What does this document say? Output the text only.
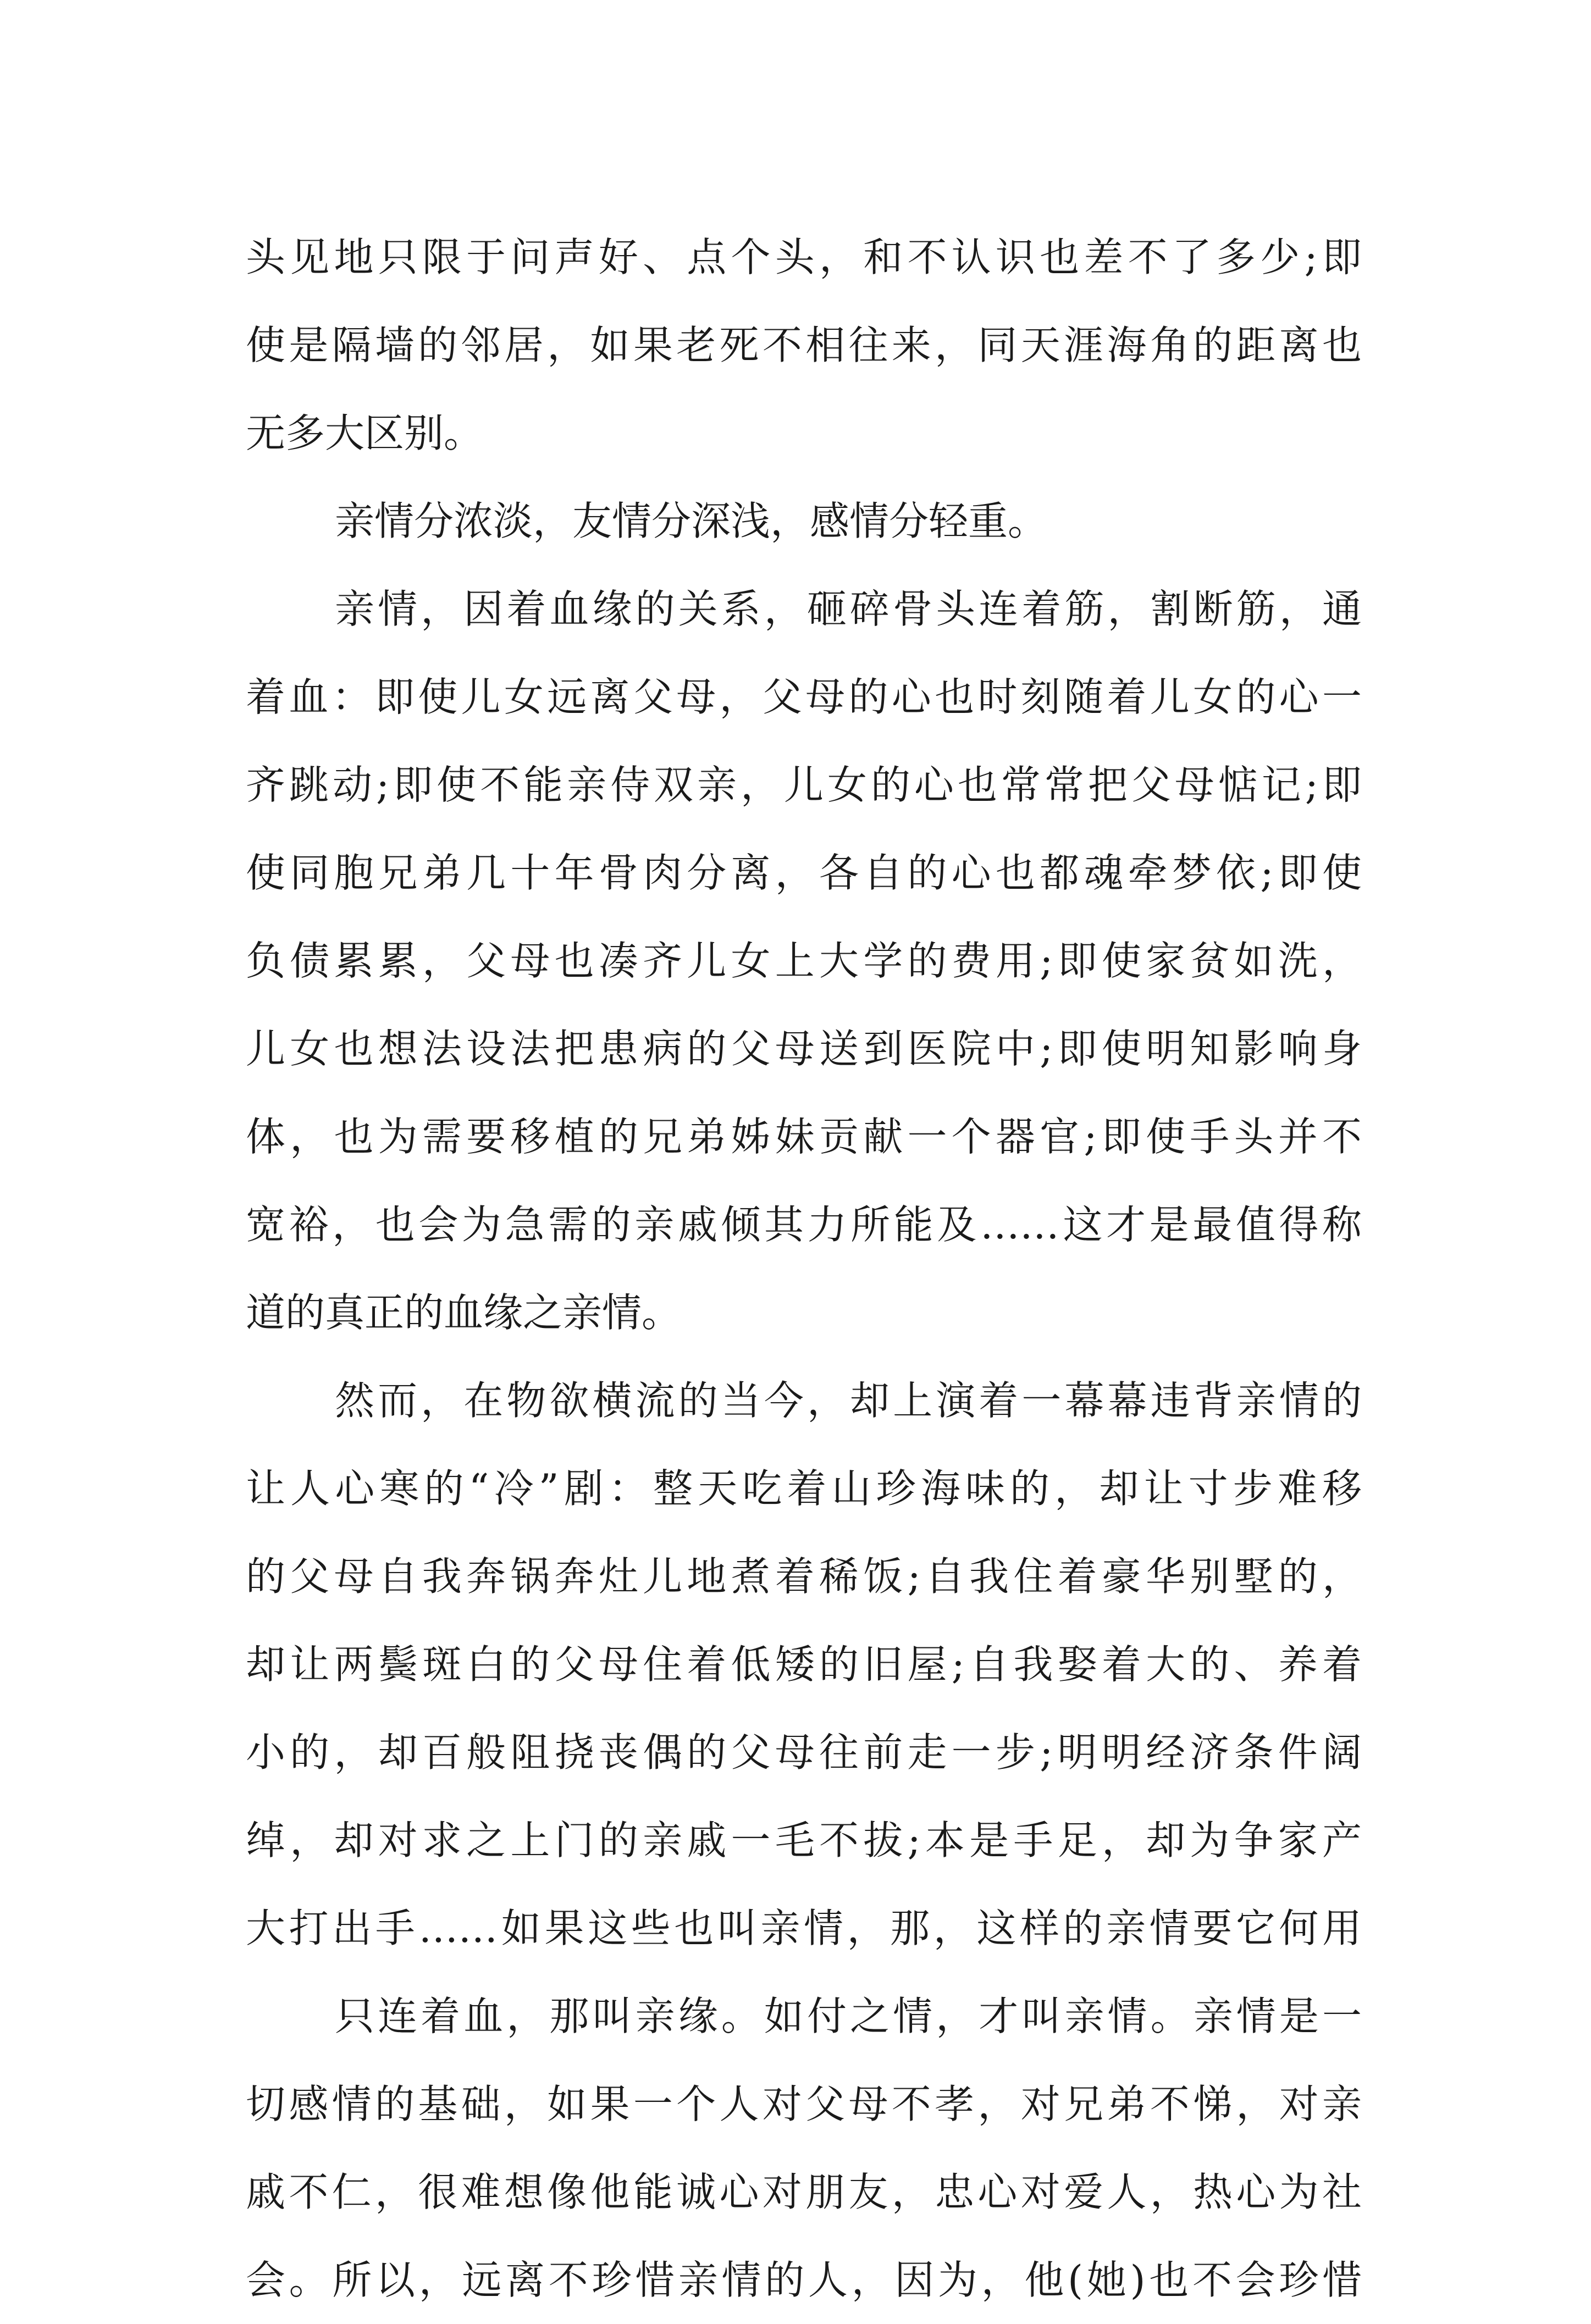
头见地只限于问声好、点个头，和不认识也差不了多少;即
使是隔墙的邻居，如果老死不相往来，同天涯海角的距离也
无多大区别。
亲情分浓淡，友情分深浅，感情分轻重。
亲情，因着血缘的关系，砸碎骨头连着筋，割断筋，通
着血：即使儿女远离父母，父母的心也时刻随着儿女的心一
齐跳动;即使不能亲侍双亲，儿女的心也常常把父母惦记;即
使同胞兄弟几十年骨肉分离，各自的心也都魂牵梦依;即使
负债累累，父母也凑齐儿女上大学的费用;即使家贫如洗，
儿女也想法设法把患病的父母送到医院中;即使明知影响身
体，也为需要移植的兄弟姊妹贡献一个器官;即使手头并不
宽裕，也会为急需的亲戚倾其力所能及……这才是最值得称
道的真正的血缘之亲情。
然而，在物欲横流的当今，却上演着一幕幕违背亲情的
让人心寒的“冷”剧：整天吃着山珍海味的，却让寸步难移
的父母自我奔锅奔灶儿地煮着稀饭;自我住着豪华别墅的，
却让两鬓斑白的父母住着低矮的旧屋;自我娶着大的、养着
小的，却百般阻挠丧偶的父母往前走一步;明明经济条件阔
绰，却对求之上门的亲戚一毛不拔;本是手足，却为争家产
大打出手……如果这些也叫亲情，那，这样的亲情要它何用
只连着血，那叫亲缘。如付之情，才叫亲情。亲情是一
切感情的基础，如果一个人对父母不孝，对兄弟不悌，对亲
戚不仁，很难想像他能诚心对朋友，忠心对爱人，热心为社
会。所以，远离不珍惜亲情的人，因为，他(她)也不会珍惜
